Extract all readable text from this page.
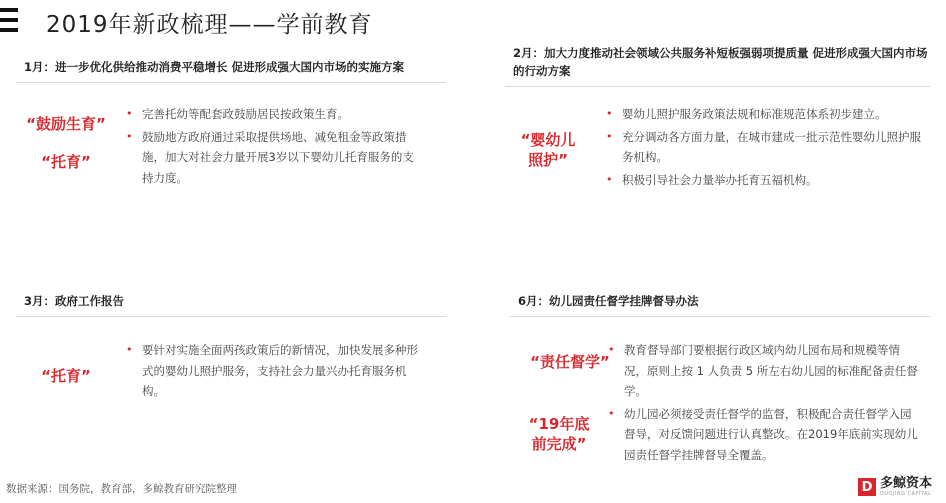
2019年新政梳理——学前教育
1月：进一步优化供给推动消费平稳增长 促进形成强大国内市场的实施方案
“鼓励生育”
“托育”
• 完善托幼等配套政鼓励居民按政策生育。
• 鼓励地方政府通过采取提供场地、减免租金等政策措施，加大对社会力量开展3岁以下婴幼儿托育服务的支持力度。
2月：加大力度推动社会领域公共服务补短板强弱项提质量 促进形成强大国内市场的行动方案
“婴幼儿照护”
• 婴幼儿照护服务政策法规和标准规范体系初步建立。
• 充分调动各方面力量，在城市建成一批示范性婴幼儿照护服务机构。
• 积极引导社会力量举办托育五福机构。
3月：政府工作报告
“托育”
• 要针对实施全面两孩政策后的新情况，加快发展多种形式的婴幼儿照护服务，支持社会力量兴办托育服务机构。
6月：幼儿园责任督学挂牌督导办法
“责任督学”
“19年底前完成”
• 教育督导部门要根据行政区域内幼儿园布局和规模等情况，原则上按 1 人负责 5 所左右幼儿园的标准配备责任督学。
• 幼儿园必须接受责任督学的监督，积极配合责任督学入园督导，对反馈问题进行认真整改。在2019年底前实现幼儿园责任督学挂牌督导全覆盖。
数据来源：国务院，教育部，多鲸教育研究院整理	D 多鲸资本
DUOJING CAPITAL
